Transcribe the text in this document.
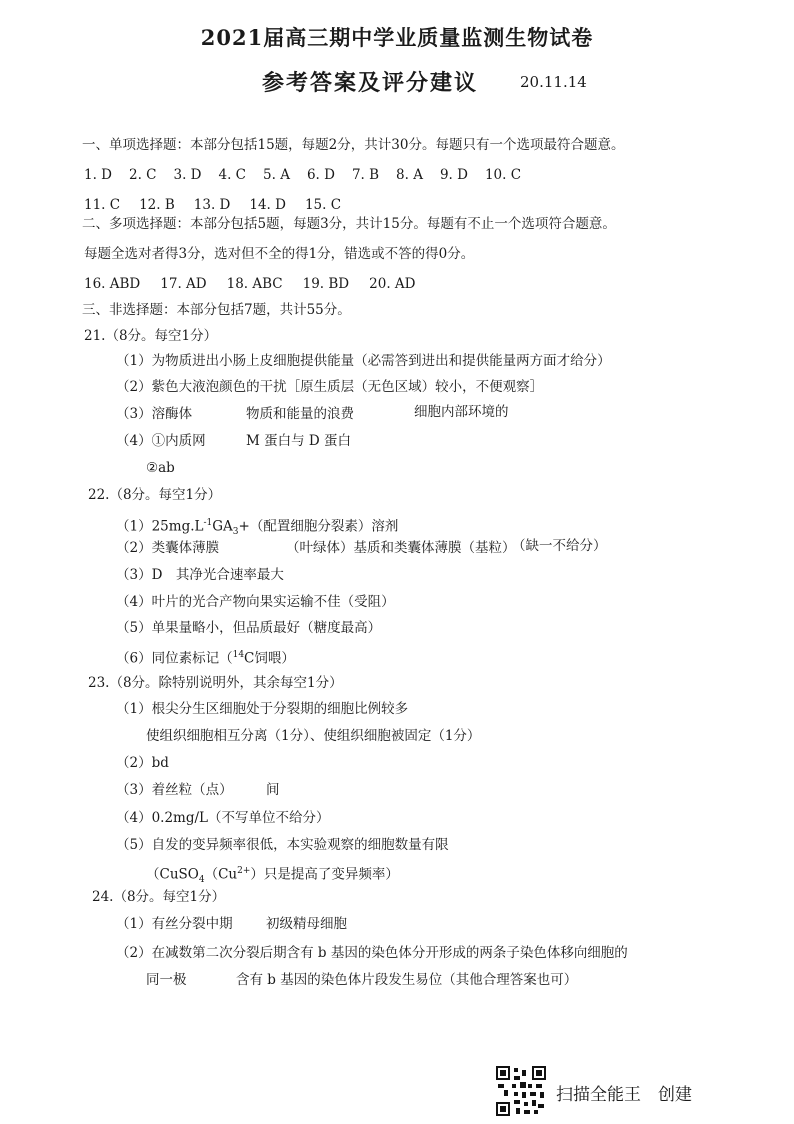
2021届高三期中学业质量监测生物试卷
参考答案及评分建议	20.11.14
一、单项选择题：本部分包括15题，每题2分，共计30分。每题只有一个选项最符合题意。
1. D 2. C 3. D 4. C 5. A 6. D 7. B 8. A 9. D 10. C
11. C 12. B 13. D 14. D 15. C
二、多项选择题：本部分包括5题，每题3分，共计15分。每题有不止一个选项符合题意。
每题全选对者得3分，选对但不全的得1分，错选或不答的得0分。
16. ABD 17. AD 18. ABC 19. BD 20. AD
三、非选择题：本部分包括7题，共计55分。
21.（8分。每空1分）
（1）为物质进出小肠上皮细胞提供能量（必需答到进出和提供能量两方面才给分）
（2）紫色大液泡颜色的干扰［原生质层（无色区域）较小，不便观察］
（3）溶酶体	物质和能量的浪费	细胞内部环境的
（4）①内质网	M 蛋白与 D 蛋白
②ab
22.（8分。每空1分）
$(1)25mg.L^{-1}GA_3+$（配置细胞分裂素）溶剂
（2）类囊体薄膜	（叶绿体）基质和类囊体薄膜（基粒）
（缺一不给分）
（3）D　其净光合速率最大
（4）叶片的光合产物向果实运输不佳（受阻）
（5）单果量略小，但品质最好（糖度最高）
（6）同位素标记（$^{14}$C饲喂）
23.（8分。除特别说明外，其余每空1分）
（1）根尖分生区细胞处于分裂期的细胞比例较多
使组织细胞相互分离（1分）、使组织细胞被固定（1分）
（2）bd
（3）着丝粒（点） 间
（4）0.2mg/L（不写单位不给分）
（5）自发的变异频率很低，本实验观察的细胞数量有限
（$CuSO_4(Cu^{2+})$只是提高了变异频率）
24.（8分。每空1分）
（1）有丝分裂中期 初级精母细胞
（2）在减数第二次分裂后期含有 b 基因的染色体分开形成的两条子染色体移向细胞的
同一极	含有 b 基因的染色体片段发生易位（其他合理答案也可）
扫描全能王　创建
